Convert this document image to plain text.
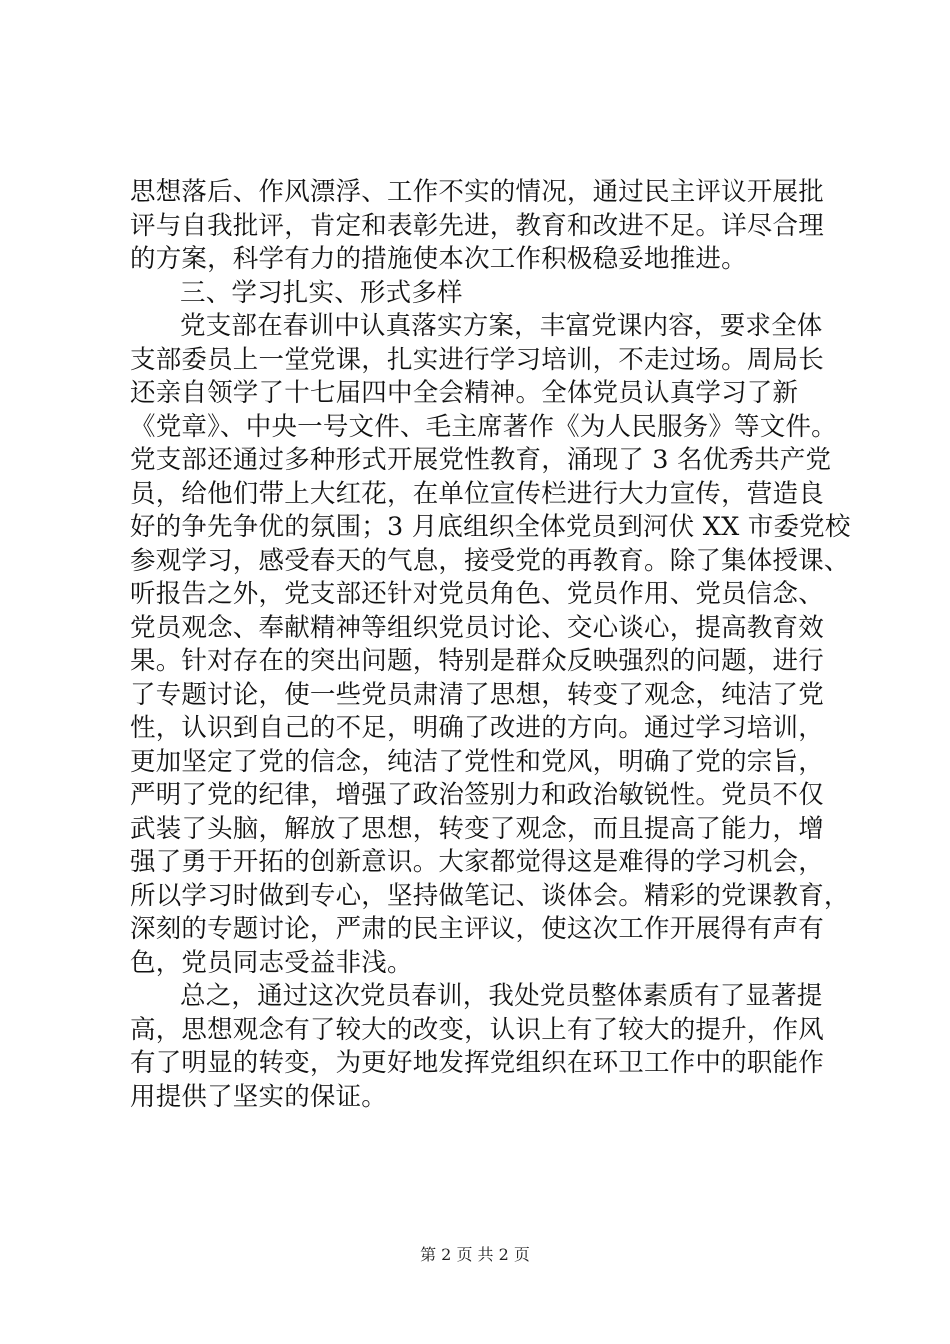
思想落后、作风漂浮、工作不实的情况，通过民主评议开展批
评与自我批评，肯定和表彰先进，教育和改进不足。详尽合理
的方案，科学有力的措施使本次工作积极稳妥地推进。
三、学习扎实、形式多样
党支部在春训中认真落实方案，丰富党课内容，要求全体
支部委员上一堂党课，扎实进行学习培训，不走过场。周局长
还亲自领学了十七届四中全会精神。全体党员认真学习了新
《党章》、中央一号文件、毛主席著作《为人民服务》等文件。
党支部还通过多种形式开展党性教育，涌现了 3 名优秀共产党
员，给他们带上大红花，在单位宣传栏进行大力宣传，营造良
好的争先争优的氛围；3 月底组织全体党员到河伏 XX 市委党校
参观学习，感受春天的气息，接受党的再教育。除了集体授课、
听报告之外，党支部还针对党员角色、党员作用、党员信念、
党员观念、奉献精神等组织党员讨论、交心谈心，提高教育效
果。针对存在的突出问题，特别是群众反映强烈的问题，进行
了专题讨论，使一些党员肃清了思想，转变了观念，纯洁了党
性，认识到自己的不足，明确了改进的方向。通过学习培训，
更加坚定了党的信念，纯洁了党性和党风，明确了党的宗旨，
严明了党的纪律，增强了政治签别力和政治敏锐性。党员不仅
武装了头脑，解放了思想，转变了观念，而且提高了能力，增
强了勇于开拓的创新意识。大家都觉得这是难得的学习机会，
所以学习时做到专心，坚持做笔记、谈体会。精彩的党课教育，
深刻的专题讨论，严肃的民主评议，使这次工作开展得有声有
色，党员同志受益非浅。
总之，通过这次党员春训，我处党员整体素质有了显著提
高，思想观念有了较大的改变，认识上有了较大的提升，作风
有了明显的转变，为更好地发挥党组织在环卫工作中的职能作
用提供了坚实的保证。
第 2 页 共 2 页
